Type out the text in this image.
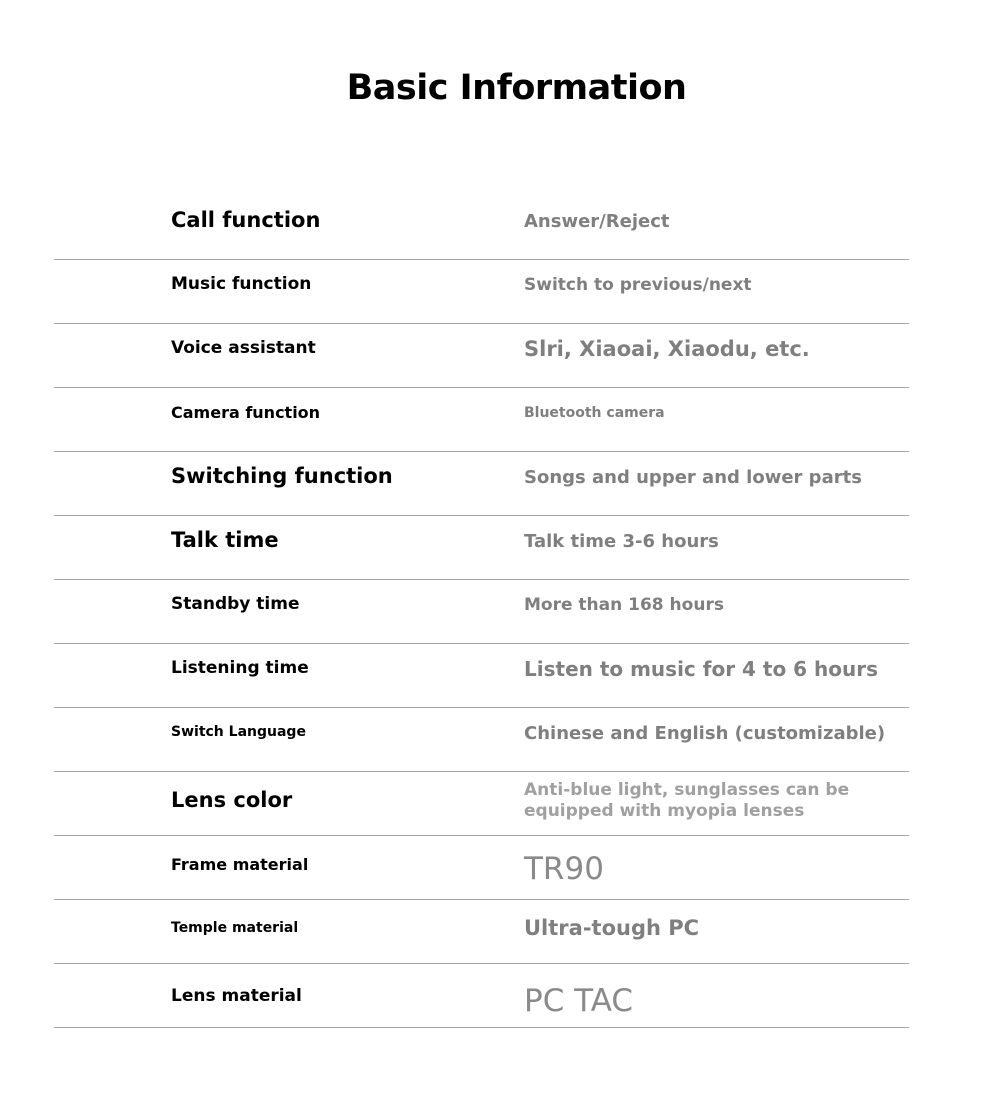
Basic Information
Call function	Answer/Reject
Music function	Switch to previous/next
Voice assistant	Slri, Xiaoai, Xiaodu, etc.
Camera function	Bluetooth camera
Switching function	Songs and upper and lower parts
Talk time	Talk time 3-6 hours
Standby time	More than 168 hours
Listening time	Listen to music for 4 to 6 hours
Switch Language	Chinese and English (customizable)
Lens color	Anti-blue light, sunglasses can be equipped with myopia lenses
Frame material	TR90
Temple material	Ultra-tough PC
Lens material	PC TAC
